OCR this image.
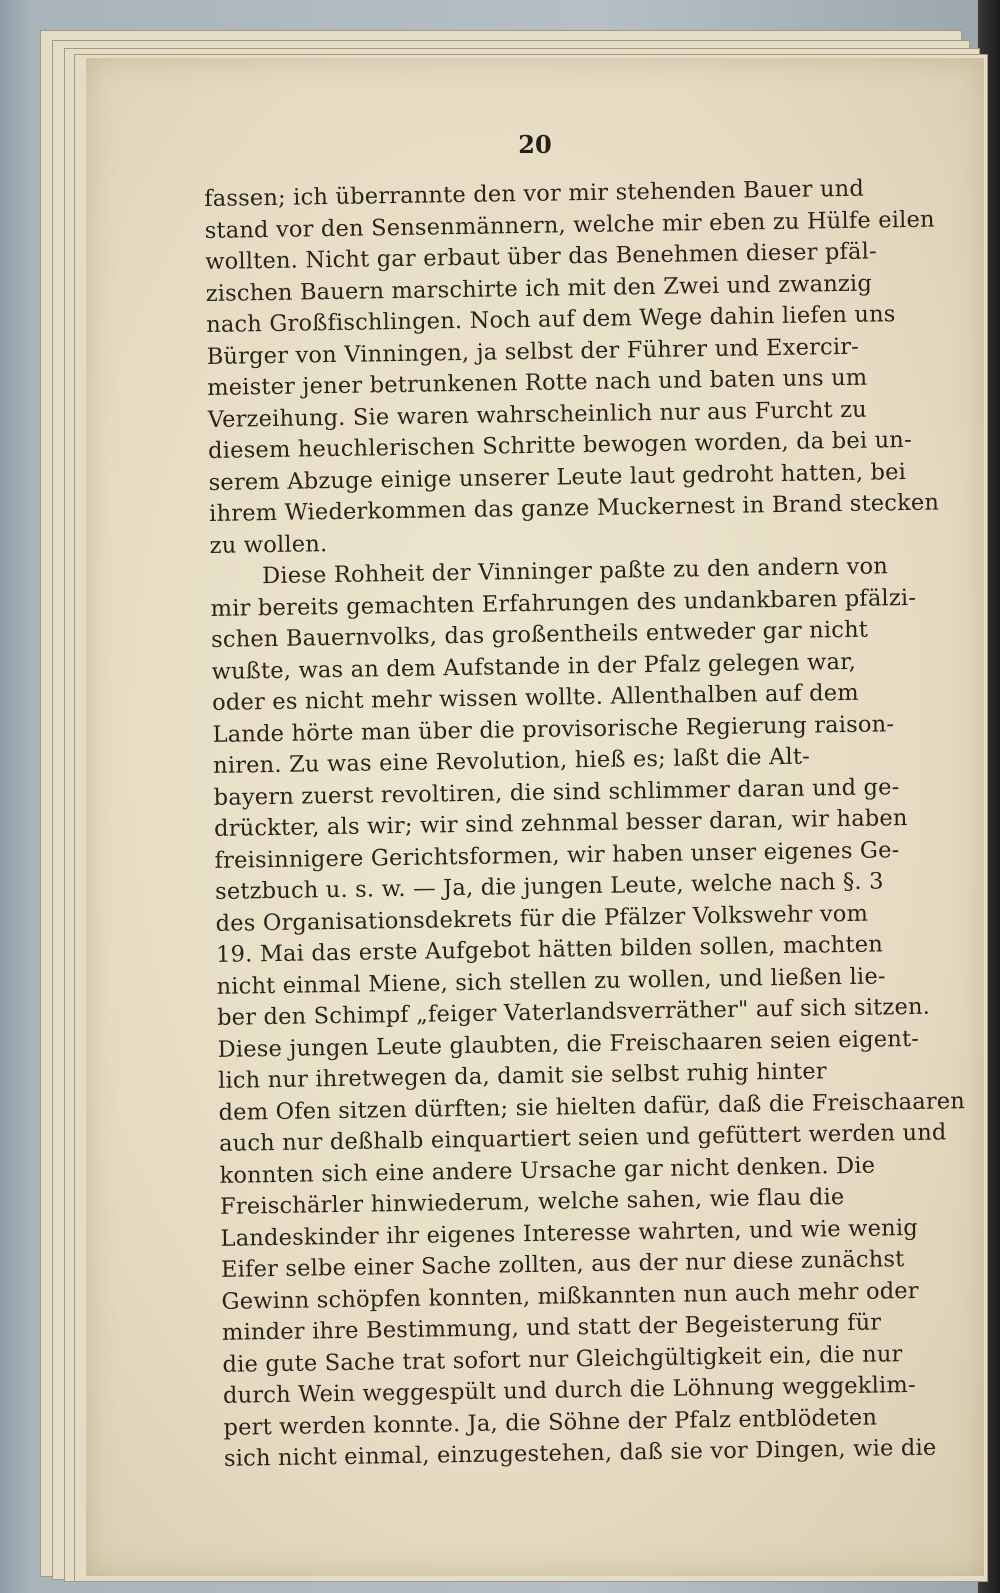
20
fassen; ich überrannte den vor mir stehenden Bauer und
stand vor den Sensenmännern, welche mir eben zu Hülfe eilen
wollten. Nicht gar erbaut über das Benehmen dieser pfäl-
zischen Bauern marschirte ich mit den Zwei und zwanzig
nach Großfischlingen. Noch auf dem Wege dahin liefen uns
Bürger von Vinningen, ja selbst der Führer und Exercir-
meister jener betrunkenen Rotte nach und baten uns um
Verzeihung. Sie waren wahrscheinlich nur aus Furcht zu
diesem heuchlerischen Schritte bewogen worden, da bei un-
serem Abzuge einige unserer Leute laut gedroht hatten, bei
ihrem Wiederkommen das ganze Muckernest in Brand stecken
zu wollen.
Diese Rohheit der Vinninger paßte zu den andern von
mir bereits gemachten Erfahrungen des undankbaren pfälzi-
schen Bauernvolks, das großentheils entweder gar nicht
wußte, was an dem Aufstande in der Pfalz gelegen war,
oder es nicht mehr wissen wollte. Allenthalben auf dem
Lande hörte man über die provisorische Regierung raison-
niren. Zu was eine Revolution, hieß es; laßt die Alt-
bayern zuerst revoltiren, die sind schlimmer daran und ge-
drückter, als wir; wir sind zehnmal besser daran, wir haben
freisinnigere Gerichtsformen, wir haben unser eigenes Ge-
setzbuch u. s. w. — Ja, die jungen Leute, welche nach §. 3
des Organisationsdekrets für die Pfälzer Volkswehr vom
19. Mai das erste Aufgebot hätten bilden sollen, machten
nicht einmal Miene, sich stellen zu wollen, und ließen lie-
ber den Schimpf „feiger Vaterlandsverräther" auf sich sitzen.
Diese jungen Leute glaubten, die Freischaaren seien eigent-
lich nur ihretwegen da, damit sie selbst ruhig hinter
dem Ofen sitzen dürften; sie hielten dafür, daß die Freischaaren
auch nur deßhalb einquartiert seien und gefüttert werden und
konnten sich eine andere Ursache gar nicht denken. Die
Freischärler hinwiederum, welche sahen, wie flau die
Landeskinder ihr eigenes Interesse wahrten, und wie wenig
Eifer selbe einer Sache zollten, aus der nur diese zunächst
Gewinn schöpfen konnten, mißkannten nun auch mehr oder
minder ihre Bestimmung, und statt der Begeisterung für
die gute Sache trat sofort nur Gleichgültigkeit ein, die nur
durch Wein weggespült und durch die Löhnung weggeklim-
pert werden konnte. Ja, die Söhne der Pfalz entblödeten
sich nicht einmal, einzugestehen, daß sie vor Dingen, wie die
